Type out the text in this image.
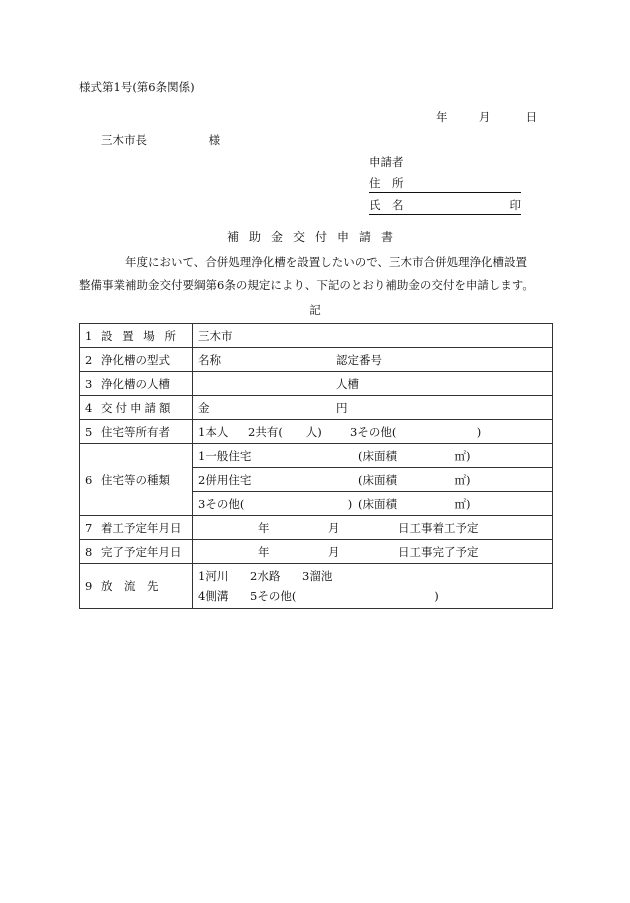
様式第1号(第6条関係)
年	月	日
三木市長	様
申請者
住　所
氏　名	印
補助金交付申請書
年度において、合併処理浄化槽を設置したいので、三木市合併処理浄化槽設置
整備事業補助金交付要綱第6条の規定により、下記のとおり補助金の交付を申請します。
記
1 設 置 場 所	三木市
2 浄化槽の型式	名称 認定番号

3 浄化槽の人槽	人槽

4 交付申請額	金 円

5 住宅等所有者	1本人 2共有(　　人) 3その他(　　　　　　　)

6 住宅等の種類	1一般住宅 (床面積　　　　　㎡)

	2併用住宅 (床面積　　　　　㎡)

	3その他(　　　　　　　　　) (床面積　　　　　㎡)

7 着工予定年月日	年 月 日工事着工予定

8 完了予定年月日	年 月 日工事完了予定

9 放　流　先	1河川 2水路 3溜池
4側溝 5その他(　　　　　　　　　　　　)
